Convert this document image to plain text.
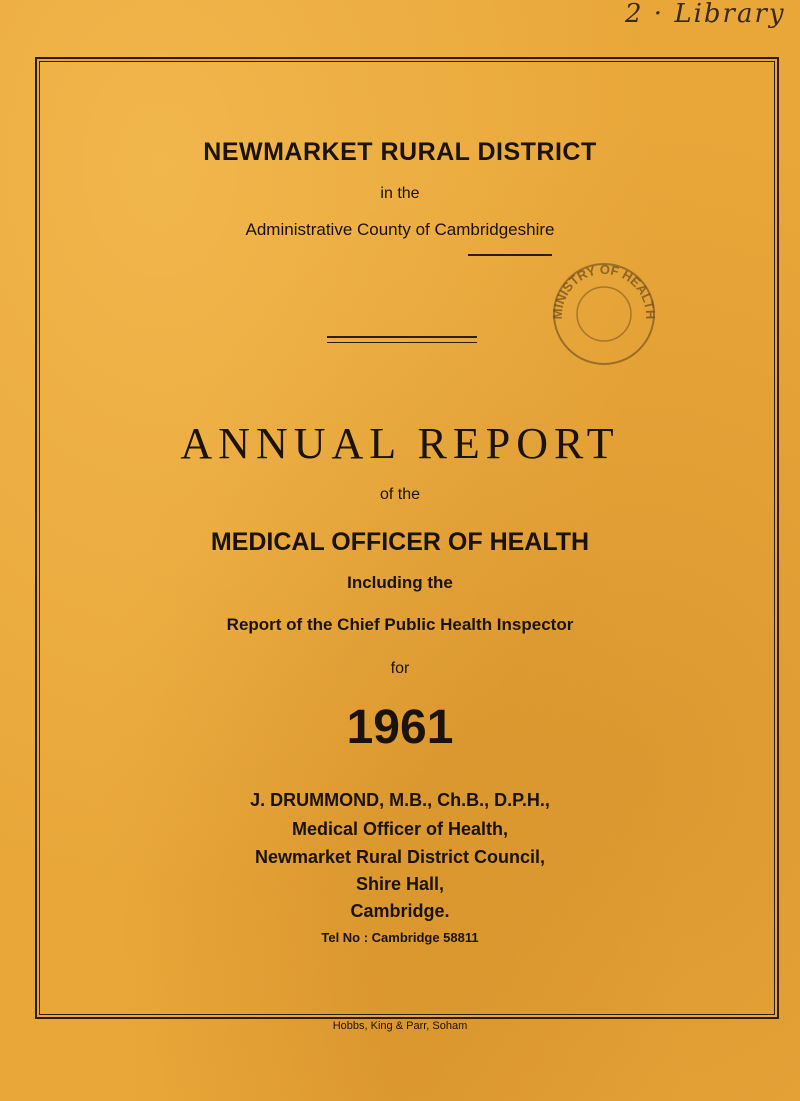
2 · Library
NEWMARKET RURAL DISTRICT
in the
Administrative County of Cambridgeshire
MINISTRY OF HEALTH
ANNUAL REPORT
of the
MEDICAL OFFICER OF HEALTH
Including the
Report of the Chief Public Health Inspector
for
1961
J. DRUMMOND, M.B., Ch.B., D.P.H.,
Medical Officer of Health,
Newmarket Rural District Council,
Shire Hall,
Cambridge.
Tel No : Cambridge 58811
Hobbs, King & Parr, Soham
